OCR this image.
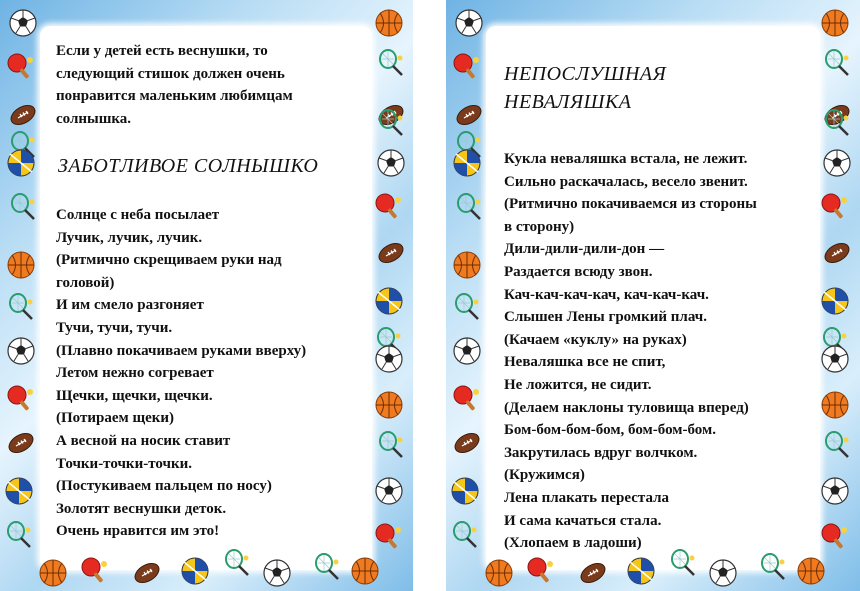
Если у детей есть веснушки, то
следующий стишок должен очень
понравится маленьким любимцам
солнышка.
ЗАБОТЛИВОЕ СОЛНЫШКО
Солнце с неба посылает
Лучик, лучик, лучик.
(Ритмично скрещиваем руки над
головой)
И им смело разгоняет
Тучи, тучи, тучи.
(Плавно покачиваем руками вверху)
Летом нежно согревает
Щечки, щечки, щечки.
(Потираем щеки)
А весной на носик ставит
Точки-точки-точки.
(Постукиваем пальцем по носу)
Золотят веснушки деток.
Очень нравится им это!
НЕПОСЛУШНАЯ
НЕВАЛЯШКА
Кукла неваляшка встала, не лежит.
Сильно раскачалась, весело звенит.
(Ритмично покачиваемся из стороны
в сторону)
Дили-дили-дили-дон —
Раздается всюду звон.
Кач-кач-кач-кач, кач-кач-кач.
Слышен Лены громкий плач.
(Качаем «куклу» на руках)
Неваляшка все не спит,
Не ложится, не сидит.
(Делаем наклоны туловища вперед)
Бом-бом-бом-бом, бом-бом-бом.
Закрутилась вдруг волчком.
(Кружимся)
Лена плакать перестала
И сама качаться стала.
(Хлопаем в ладоши)
